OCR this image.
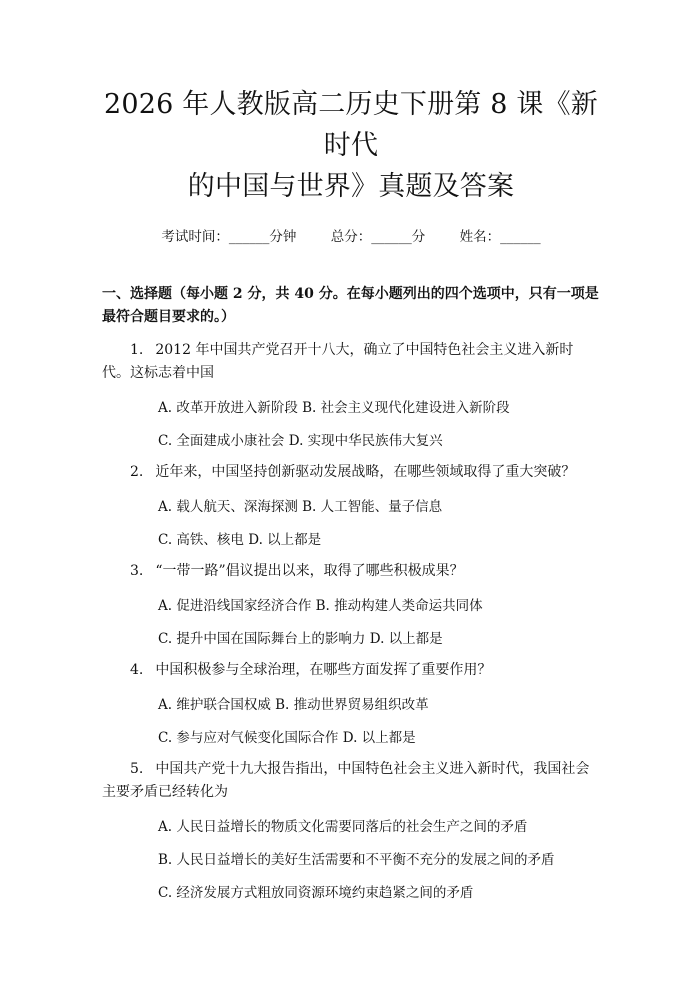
2026 年人教版高二历史下册第 8 课《新时代
的中国与世界》真题及答案
考试时间：______分钟	总分：______分	姓名：______
一、选择题（每小题 2 分，共 40 分。在每小题列出的四个选项中，只有一项是最符合题目要求的。）
1. 2012 年中国共产党召开十八大，确立了中国特色社会主义进入新时代。这标志着中国
A. 改革开放进入新阶段 B. 社会主义现代化建设进入新阶段
C. 全面建成小康社会 D. 实现中华民族伟大复兴
2. 近年来，中国坚持创新驱动发展战略，在哪些领域取得了重大突破？
A. 载人航天、深海探测 B. 人工智能、量子信息
C. 高铁、核电 D. 以上都是
3. “一带一路”倡议提出以来，取得了哪些积极成果？
A. 促进沿线国家经济合作 B. 推动构建人类命运共同体
C. 提升中国在国际舞台上的影响力 D. 以上都是
4. 中国积极参与全球治理，在哪些方面发挥了重要作用？
A. 维护联合国权威 B. 推动世界贸易组织改革
C. 参与应对气候变化国际合作 D. 以上都是
5. 中国共产党十九大报告指出，中国特色社会主义进入新时代，我国社会主要矛盾已经转化为
A. 人民日益增长的物质文化需要同落后的社会生产之间的矛盾
B. 人民日益增长的美好生活需要和不平衡不充分的发展之间的矛盾
C. 经济发展方式粗放同资源环境约束趋紧之间的矛盾
